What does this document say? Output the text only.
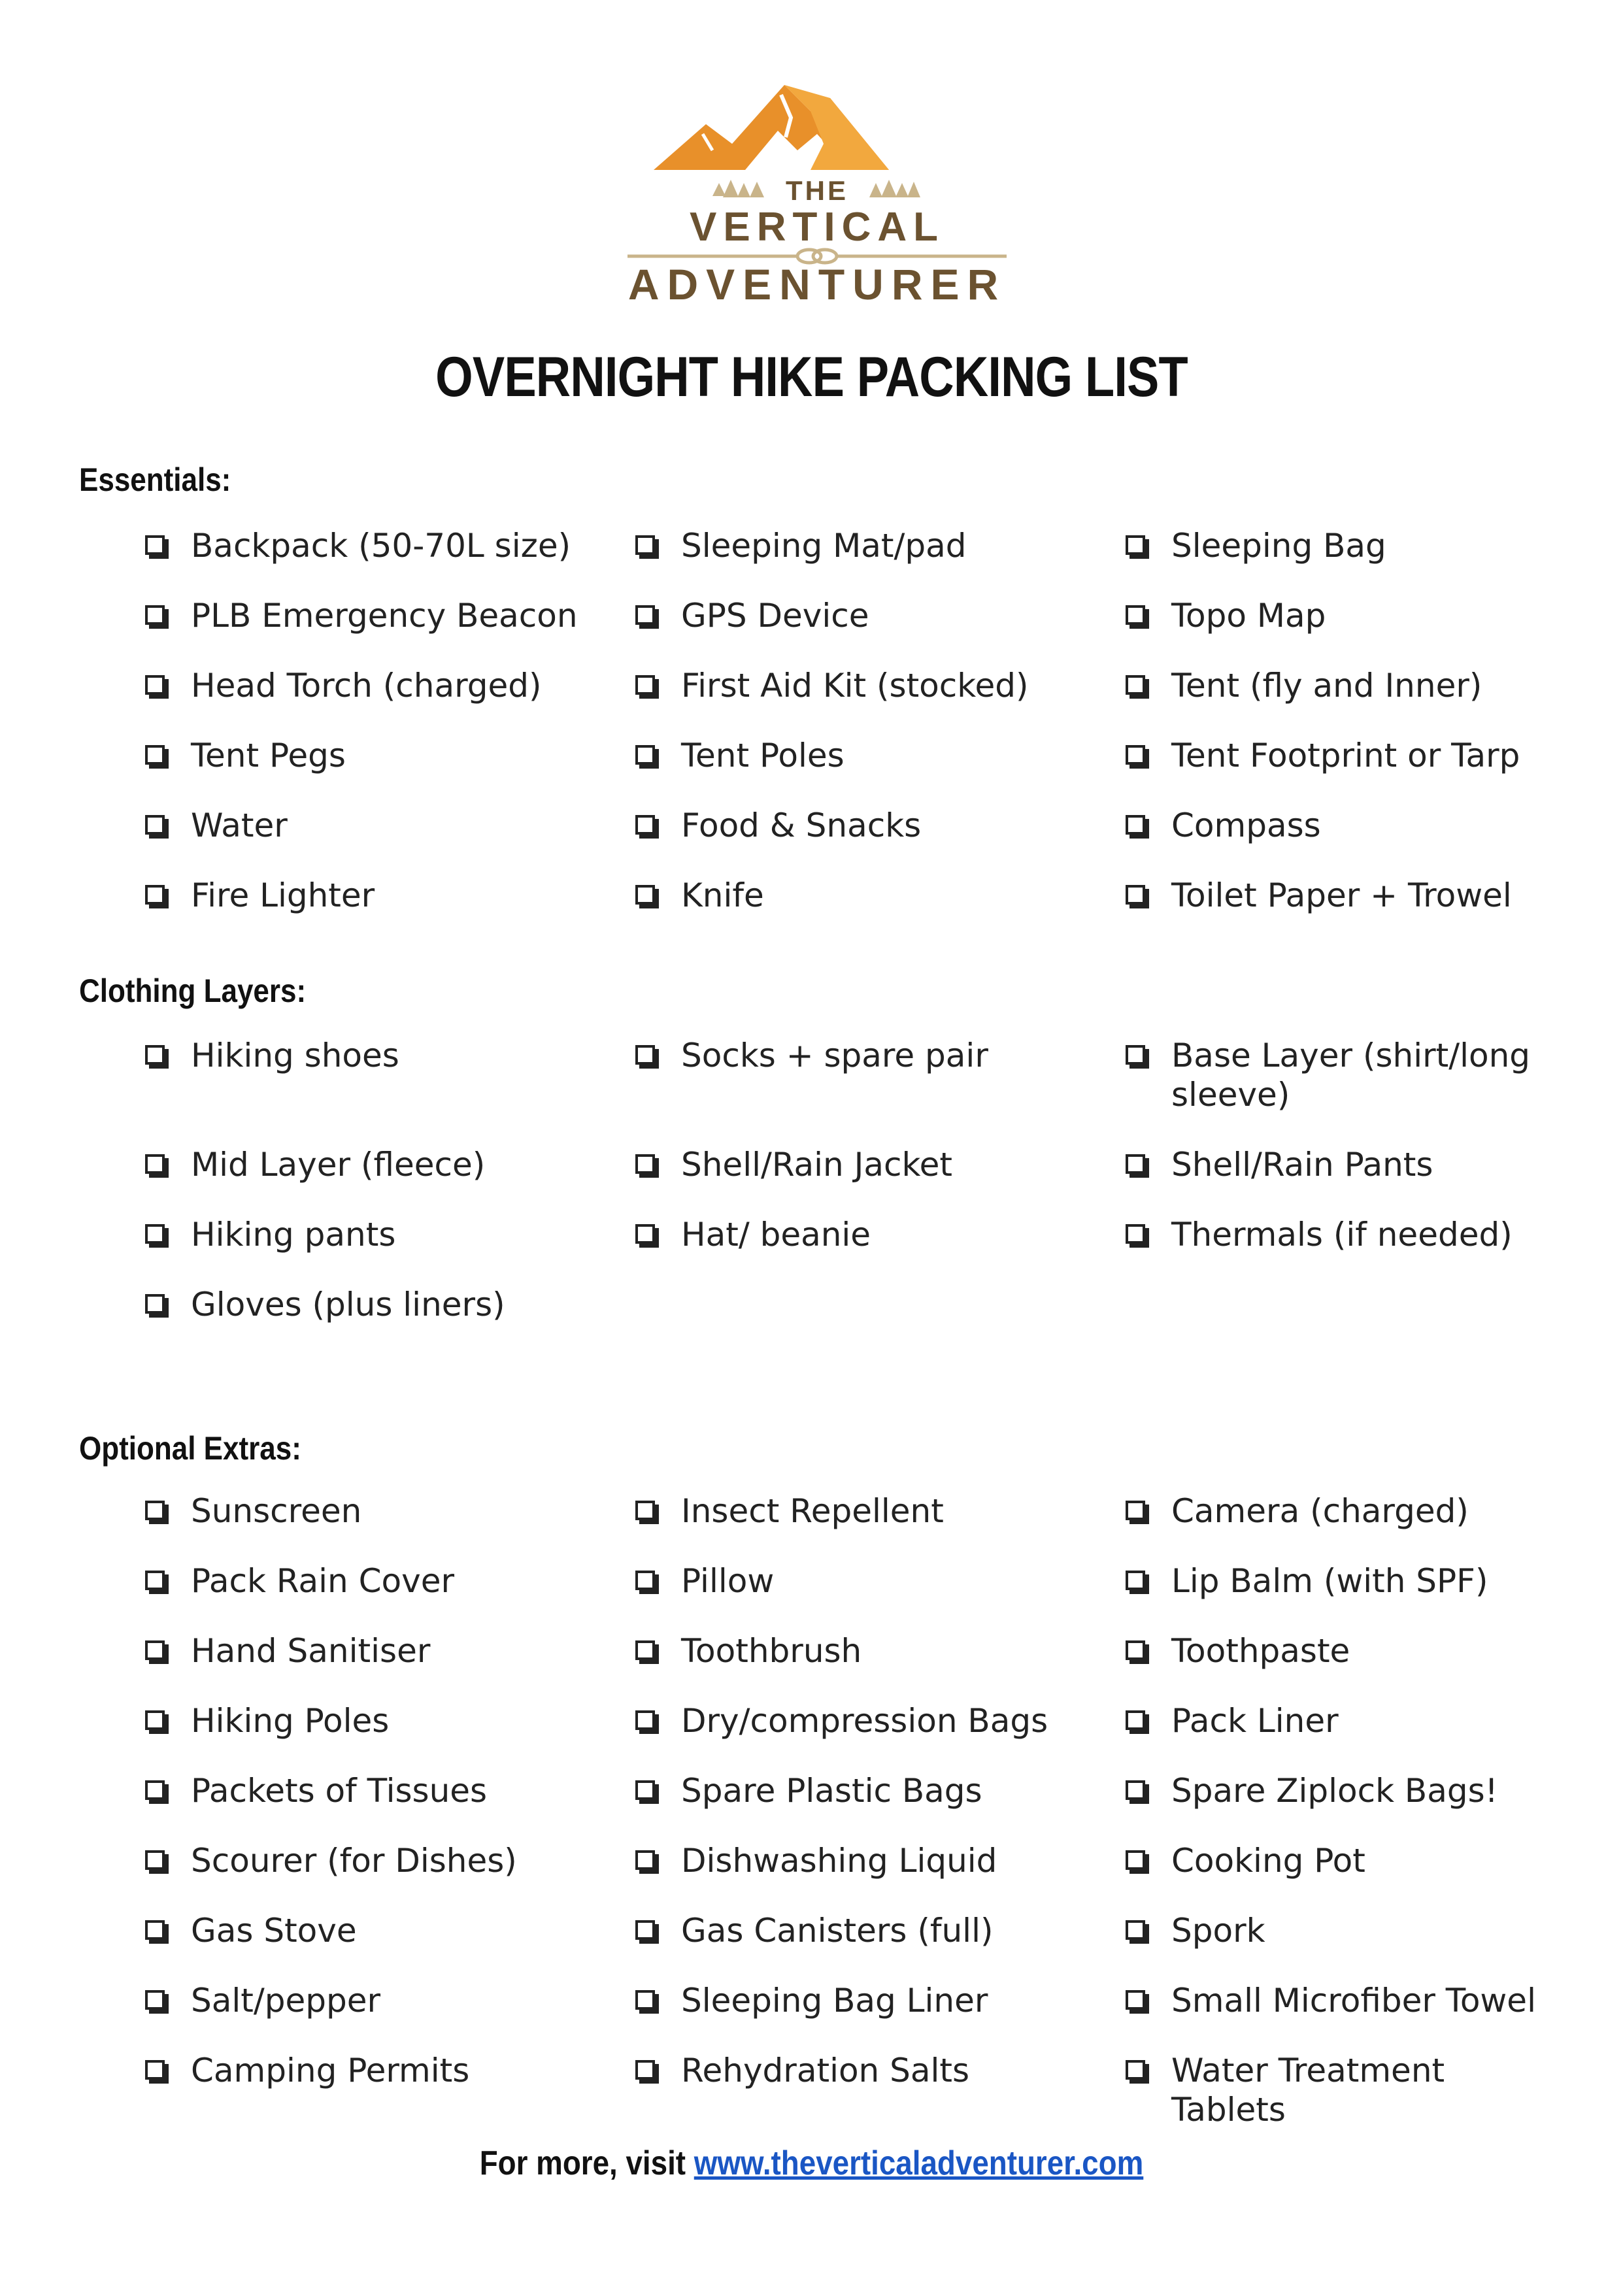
THE
VERTICAL
ADVENTURER
OVERNIGHT HIKE PACKING LIST
Essentials:
Backpack (50-70L size)	Sleeping Mat/pad	Sleeping Bag
PLB Emergency Beacon	GPS Device	Topo Map
Head Torch (charged)	First Aid Kit (stocked)	Tent (fly and Inner)
Tent Pegs	Tent Poles	Tent Footprint or Tarp
Water	Food & Snacks	Compass
Fire Lighter	Knife	Toilet Paper + Trowel
Clothing Layers:
Hiking shoes	Socks + spare pair	Base Layer (shirt/long sleeve)
Mid Layer (fleece)	Shell/Rain Jacket	Shell/Rain Pants
Hiking pants	Hat/ beanie	Thermals (if needed)
Gloves (plus liners)
Optional Extras:
Sunscreen	Insect Repellent	Camera (charged)
Pack Rain Cover	Pillow	Lip Balm (with SPF)
Hand Sanitiser	Toothbrush	Toothpaste
Hiking Poles	Dry/compression Bags	Pack Liner
Packets of Tissues	Spare Plastic Bags	Spare Ziplock Bags!
Scourer (for Dishes)	Dishwashing Liquid	Cooking Pot
Gas Stove	Gas Canisters (full)	Spork
Salt/pepper	Sleeping Bag Liner	Small Microfiber Towel
Camping Permits	Rehydration Salts	Water Treatment Tablets
For more, visit www.theverticaladventurer.com
